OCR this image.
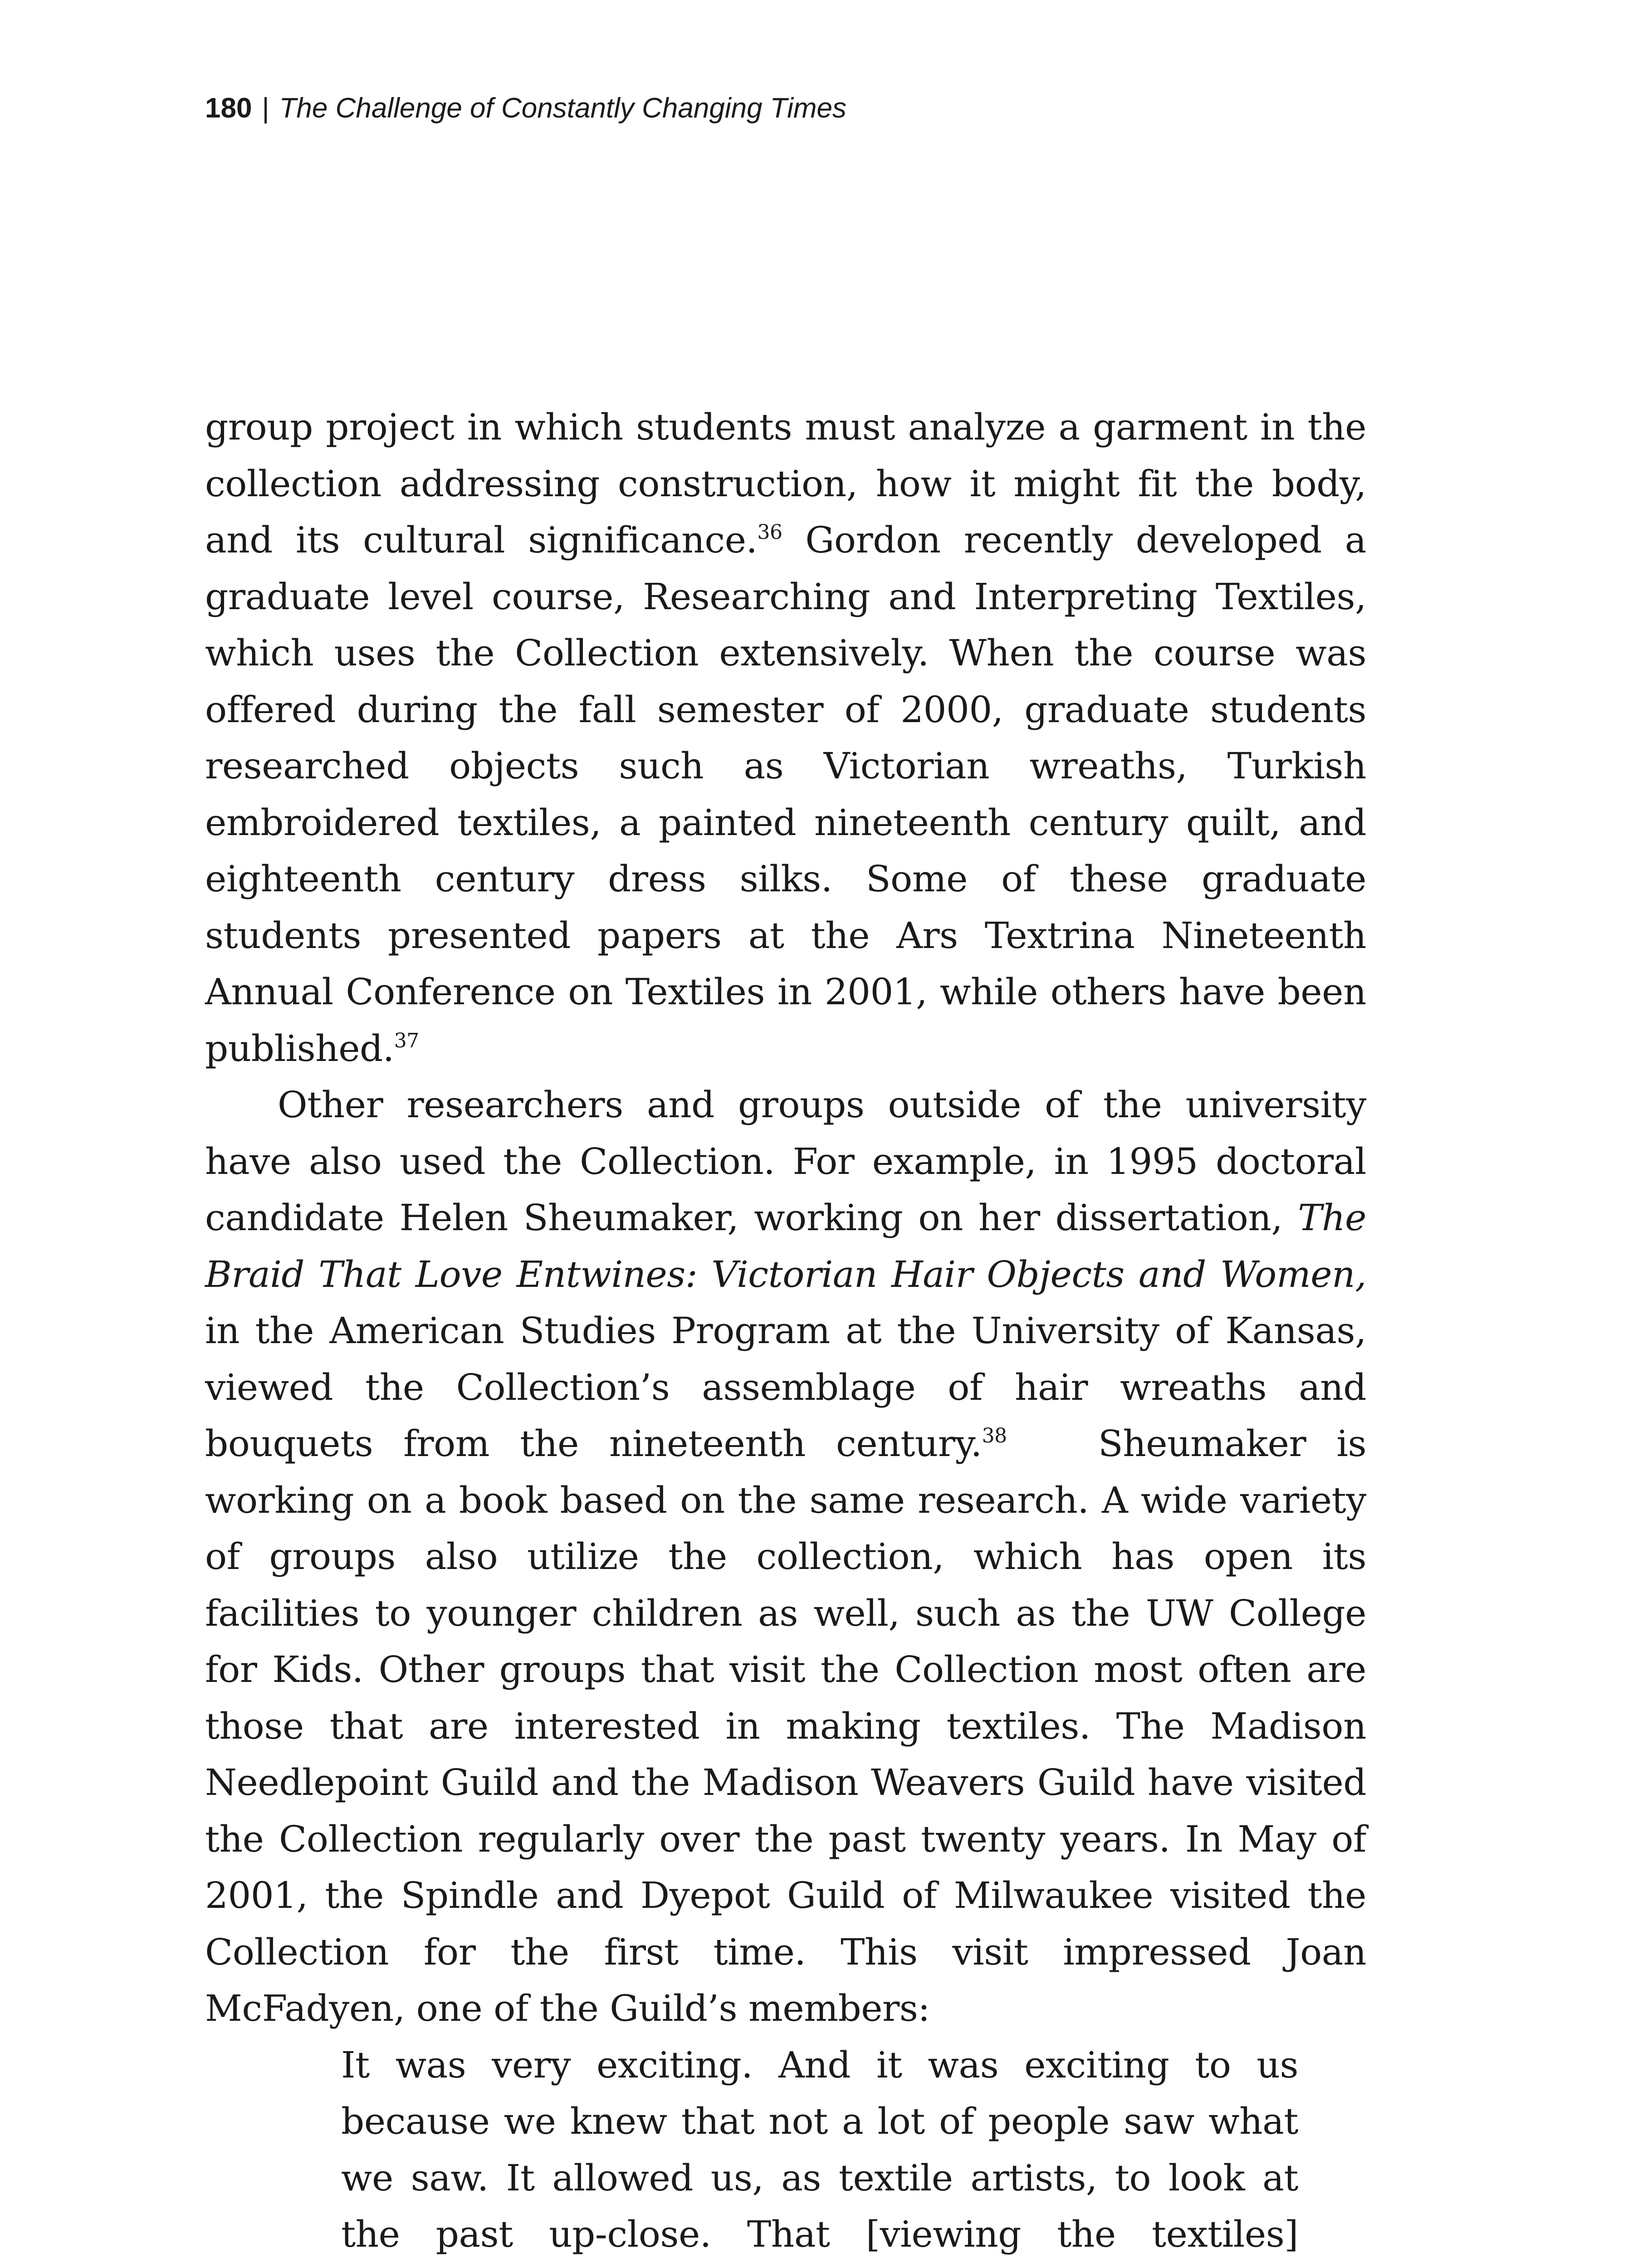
180 | The Challenge of Constantly Changing Times

group project in which students must analyze a garment in the collection addressing construction, how it might fit the body, and its cultural significance.$^{36}$ Gordon recently developed a graduate level course, Researching and Interpreting Textiles, which uses the Collection extensively. When the course was offered during the fall semester of 2000, graduate students researched objects such as Victorian wreaths, Turkish embroidered textiles, a painted nineteenth century quilt, and eighteenth century dress silks. Some of these graduate students presented papers at the Ars Textrina Nineteenth Annual Conference on Textiles in 2001, while others have been published.$^{37}$

Other researchers and groups outside of the university have also used the Collection. For example, in 1995 doctoral candidate Helen Sheumaker, working on her dissertation, The Braid That Love Entwines: Victorian Hair Objects and Women, in the American Studies Program at the University of Kansas, viewed the Collection’s assemblage of hair wreaths and bouquets from the nineteenth century.$^{38}$   Sheumaker is working on a book based on the same research. A wide variety of groups also utilize the collection, which has open its facilities to younger children as well, such as the UW College for Kids. Other groups that visit the Collection most often are those that are interested in making textiles. The Madison Needlepoint Guild and the Madison Weavers Guild have visited the Collection regularly over the past twenty years. In May of 2001, the Spindle and Dyepot Guild of Milwaukee visited the Collection for the first time. This visit impressed Joan McFadyen, one of the Guild’s members:

It was very exciting. And it was exciting to us because we knew that not a lot of people saw what we saw. It allowed us, as textile artists, to look at the past up-close. That [viewing the textiles]
